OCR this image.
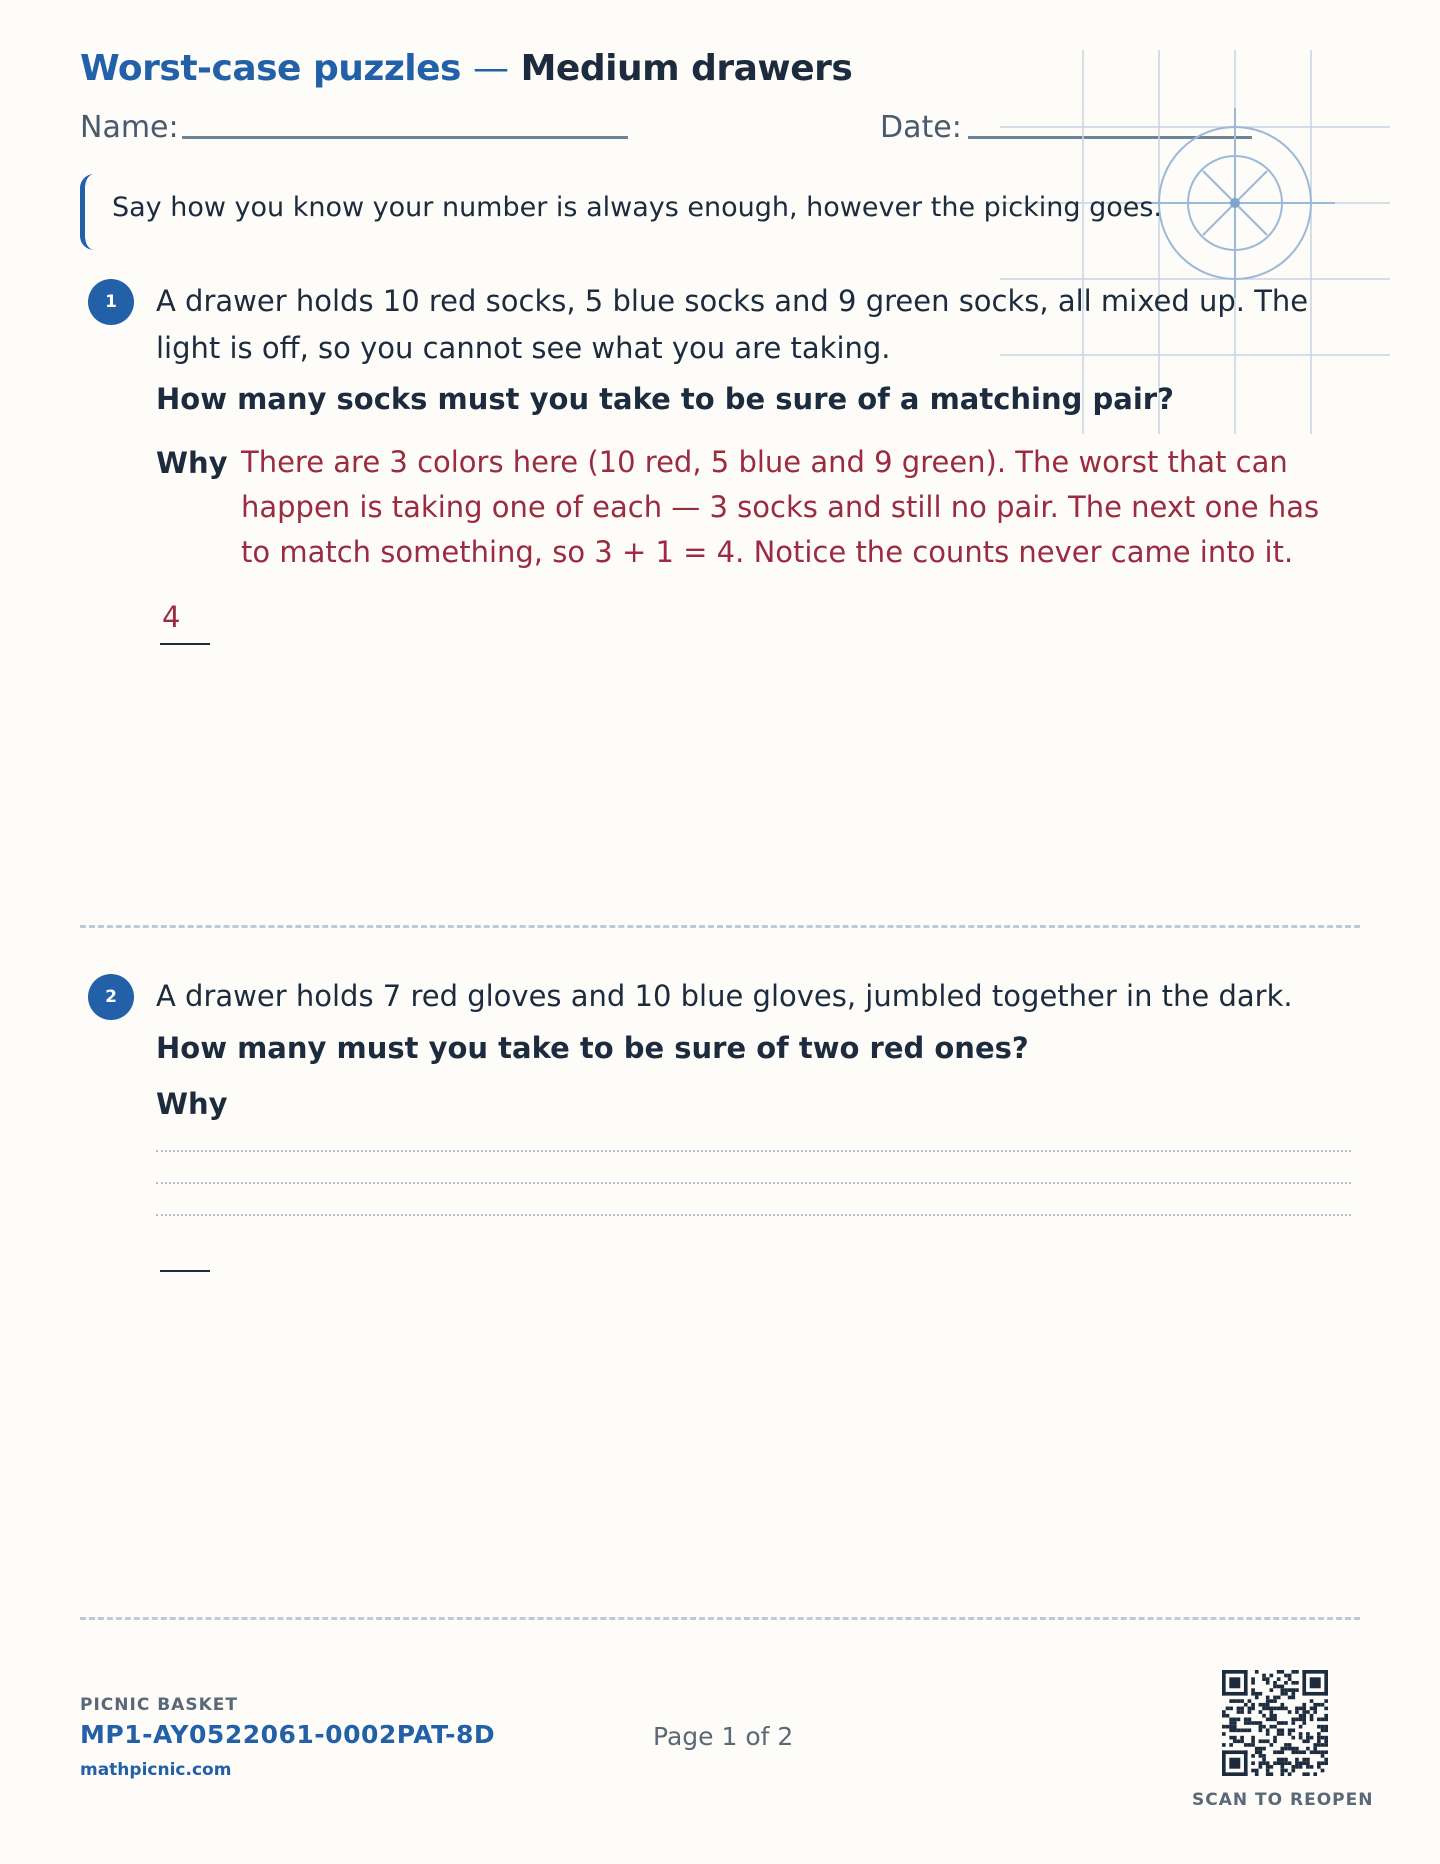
Worst-case puzzles — Medium drawers
Name:	Date:
Say how you know your number is always enough, however the picking goes.
1	A drawer holds 10 red socks, 5 blue socks and 9 green socks, all mixed up. The light is off, so you cannot see what you are taking.
How many socks must you take to be sure of a matching pair?
Why There are 3 colors here (10 red, 5 blue and 9 green). The worst that can happen is taking one of each — 3 socks and still no pair. The next one has to match something, so 3 + 1 = 4. Notice the counts never came into it.
4
2	A drawer holds 7 red gloves and 10 blue gloves, jumbled together in the dark.
How many must you take to be sure of two red ones?
Why
PICNIC BASKET
MP1-AY0522061-0002PAT-8D
mathpicnic.com
Page 1 of 2
SCAN TO REOPEN
